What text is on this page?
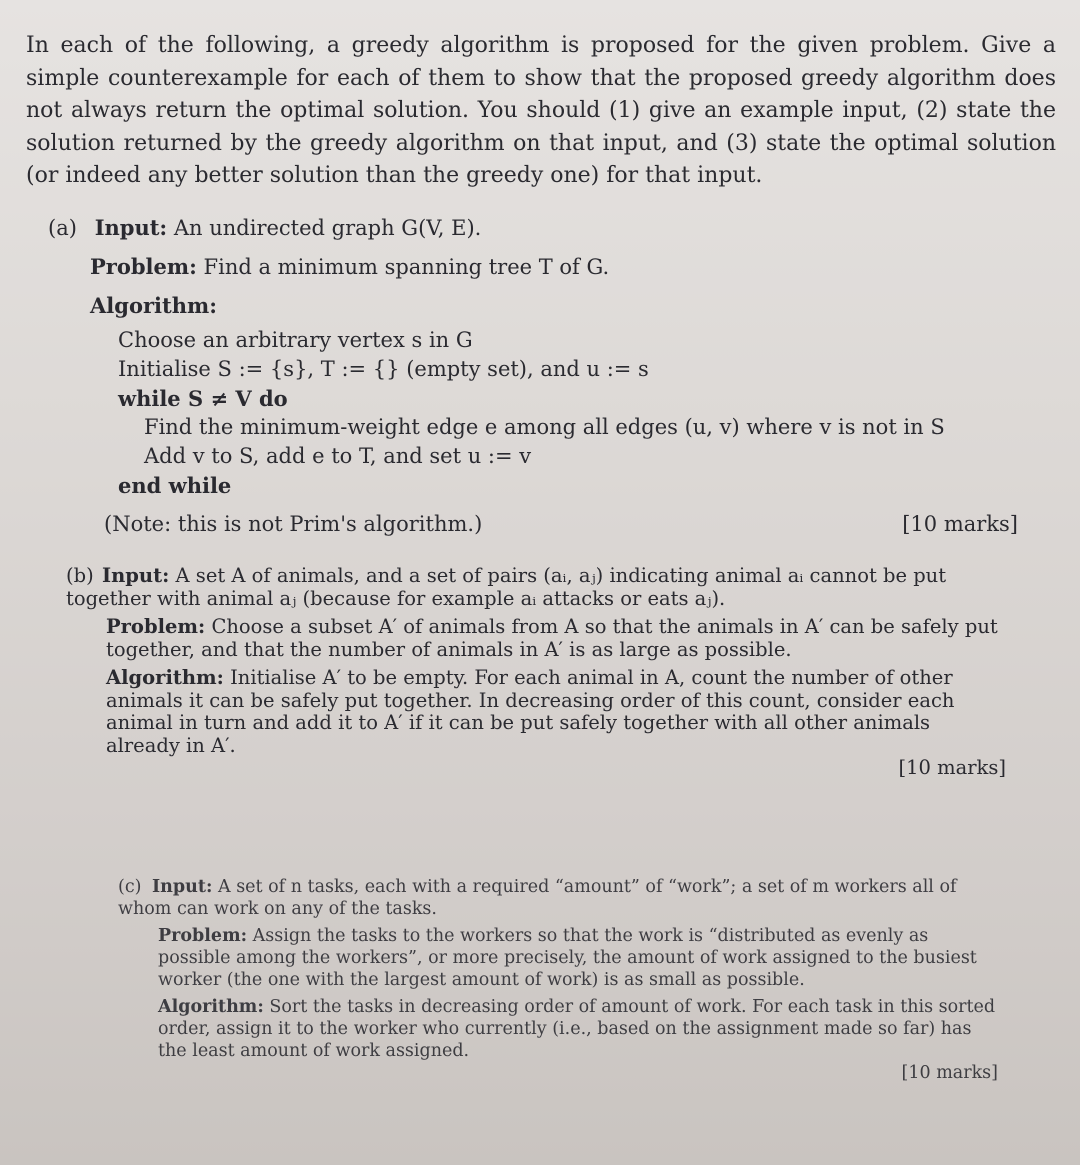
In each of the following, a greedy algorithm is proposed for the given problem. Give a simple counterexample for each of them to show that the proposed greedy algorithm does not always return the optimal solution. You should (1) give an example input, (2) state the solution returned by the greedy algorithm on that input, and (3) state the optimal solution (or indeed any better solution than the greedy one) for that input.
(a) Input: An undirected graph G(V, E).
Problem: Find a minimum spanning tree T of G.
Algorithm:
Choose an arbitrary vertex s in G
Initialise S := {s}, T := {} (empty set), and u := s
while S ≠ V do
Find the minimum-weight edge e among all edges (u, v) where v is not in S
Add v to S, add e to T, and set u := v
end while
(Note: this is not Prim's algorithm.)	[10 marks]
(b) Input: A set A of animals, and a set of pairs (aᵢ, aⱼ) indicating animal aᵢ cannot be put together with animal aⱼ (because for example aᵢ attacks or eats aⱼ).
Problem: Choose a subset A′ of animals from A so that the animals in A′ can be safely put together, and that the number of animals in A′ is as large as possible.
Algorithm: Initialise A′ to be empty. For each animal in A, count the number of other animals it can be safely put together. In decreasing order of this count, consider each animal in turn and add it to A′ if it can be put safely together with all other animals already in A′.
[10 marks]
(c) Input: A set of n tasks, each with a required “amount” of “work”; a set of m workers all of whom can work on any of the tasks.
Problem: Assign the tasks to the workers so that the work is “distributed as evenly as possible among the workers”, or more precisely, the amount of work assigned to the busiest worker (the one with the largest amount of work) is as small as possible.
Algorithm: Sort the tasks in decreasing order of amount of work. For each task in this sorted order, assign it to the worker who currently (i.e., based on the assignment made so far) has the least amount of work assigned.
[10 marks]
